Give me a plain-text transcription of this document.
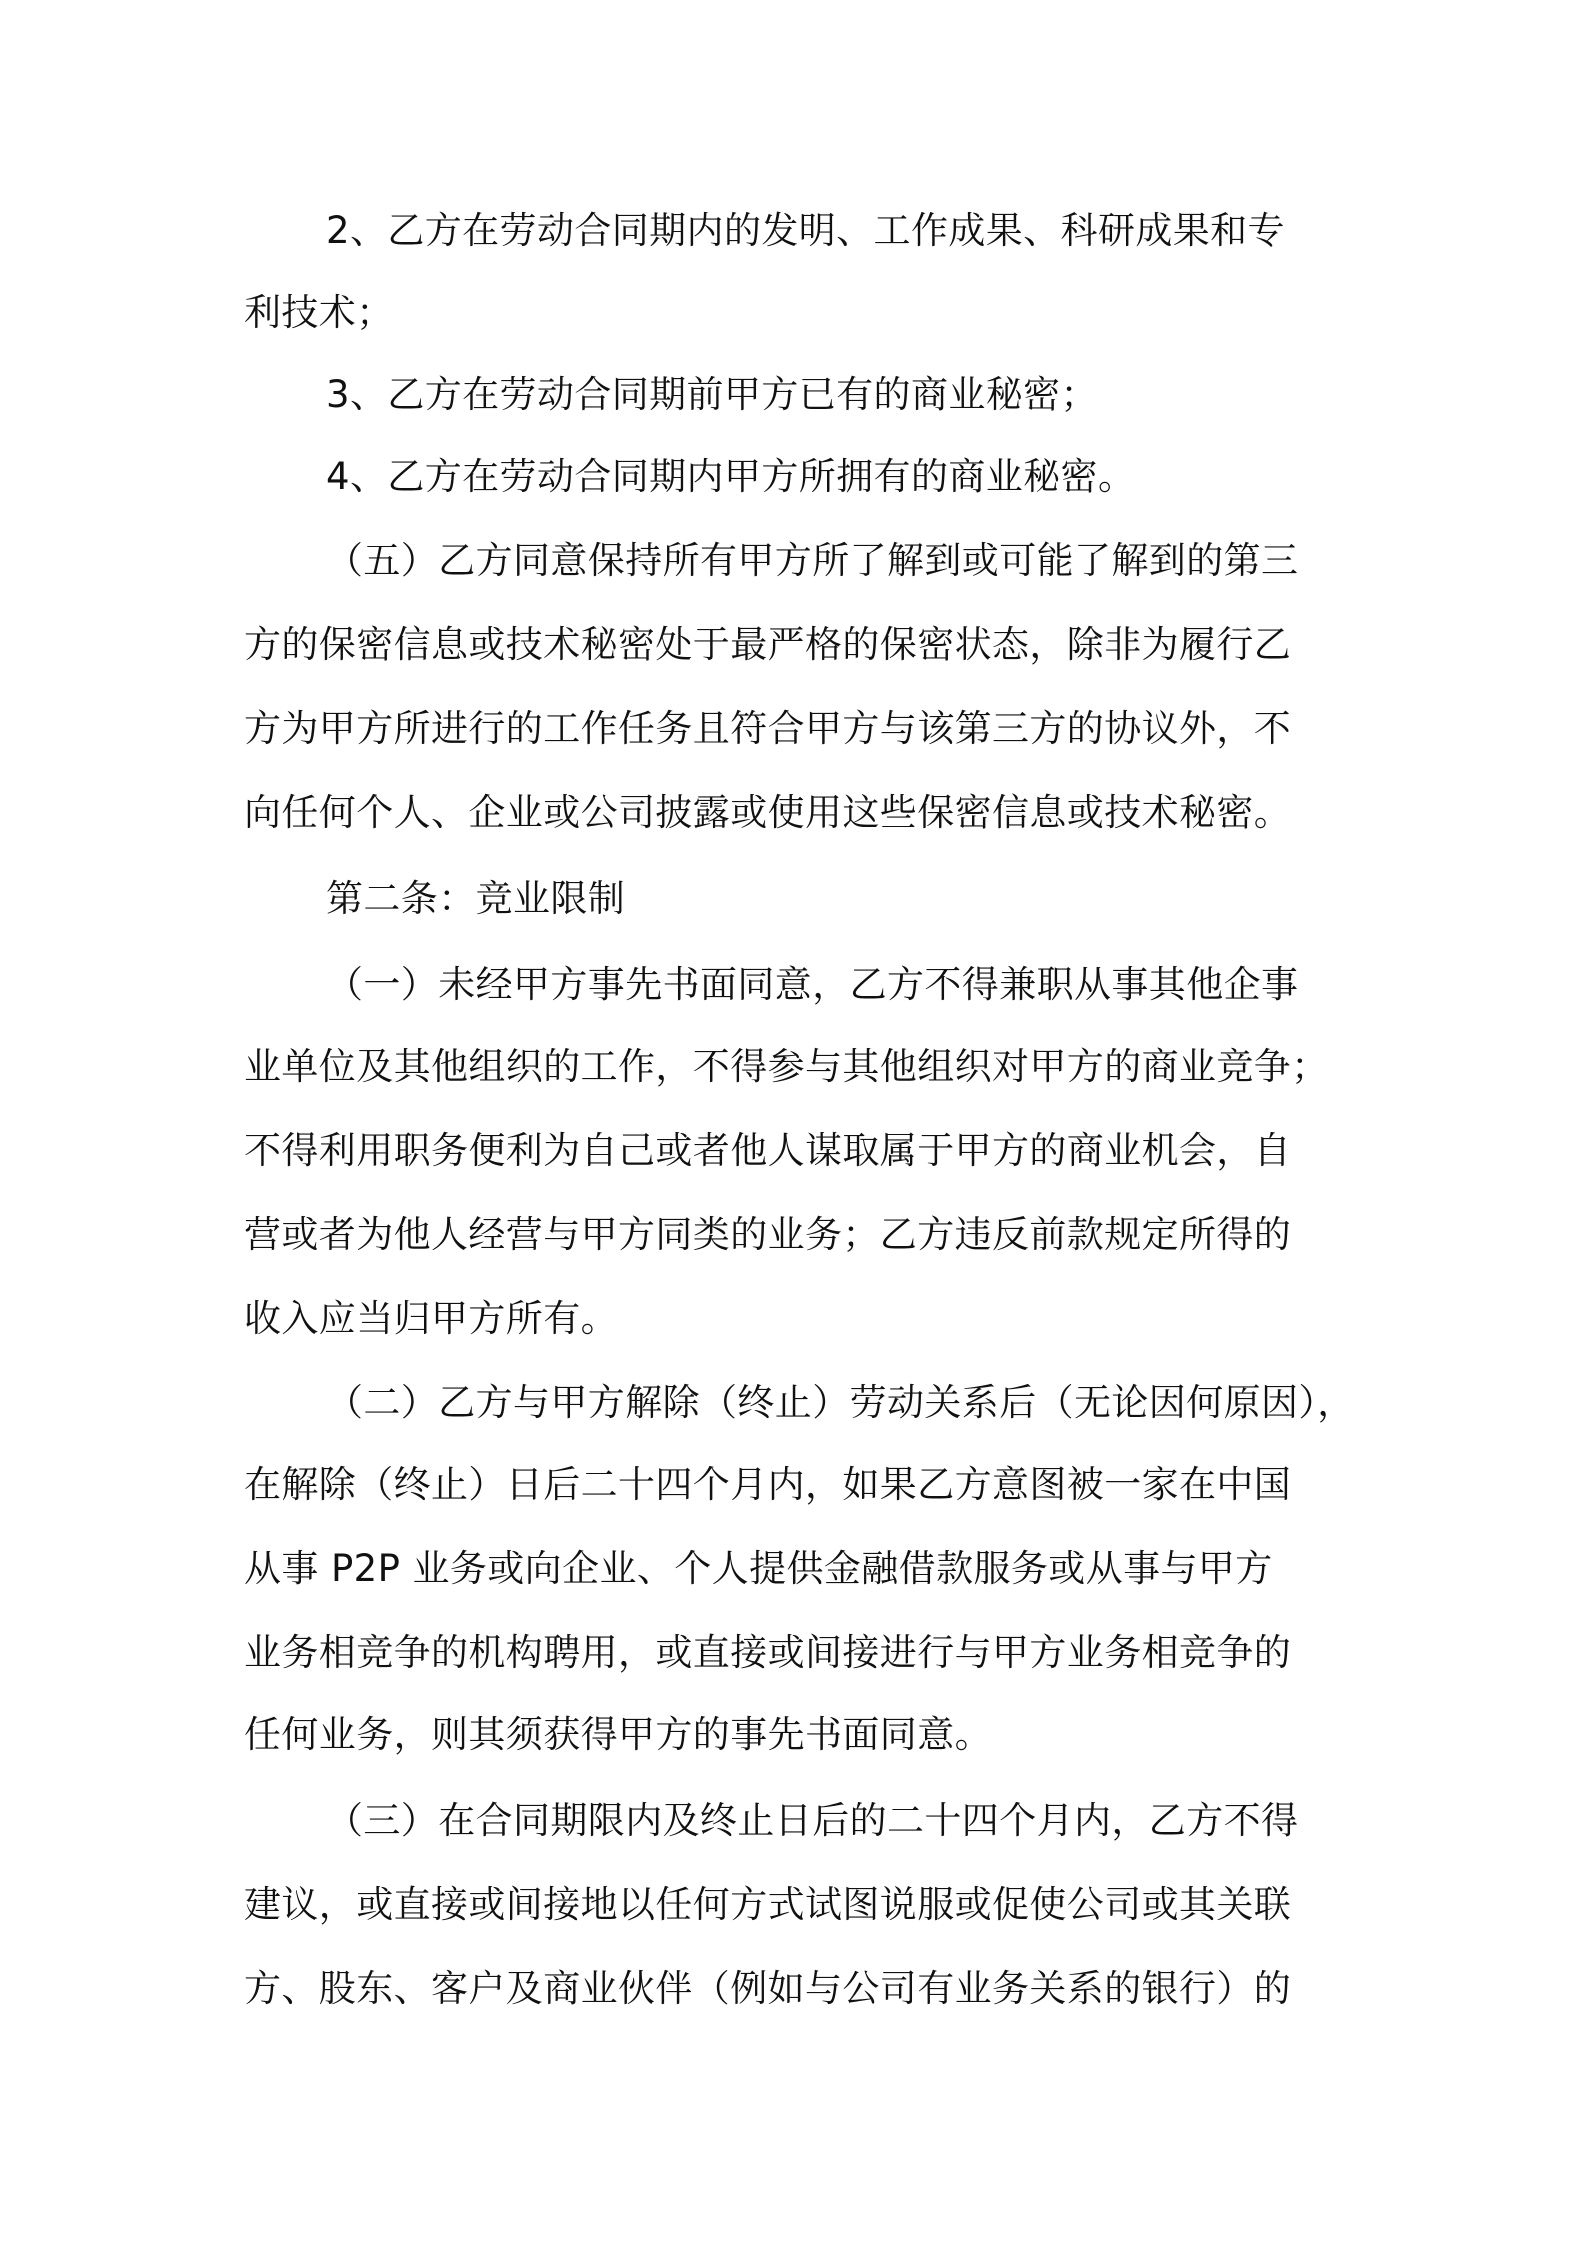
2、乙方在劳动合同期内的发明、工作成果、科研成果和专
利技术；
3、乙方在劳动合同期前甲方已有的商业秘密；
4、乙方在劳动合同期内甲方所拥有的商业秘密。
（五）乙方同意保持所有甲方所了解到或可能了解到的第三
方的保密信息或技术秘密处于最严格的保密状态，除非为履行乙
方为甲方所进行的工作任务且符合甲方与该第三方的协议外，不
向任何个人、企业或公司披露或使用这些保密信息或技术秘密。
第二条：竞业限制
（一）未经甲方事先书面同意，乙方不得兼职从事其他企事
业单位及其他组织的工作，不得参与其他组织对甲方的商业竞争；
不得利用职务便利为自己或者他人谋取属于甲方的商业机会，自
营或者为他人经营与甲方同类的业务；乙方违反前款规定所得的
收入应当归甲方所有。
（二）乙方与甲方解除（终止）劳动关系后（无论因何原因），
在解除（终止）日后二十四个月内，如果乙方意图被一家在中国
从事 P2P 业务或向企业、个人提供金融借款服务或从事与甲方
业务相竞争的机构聘用，或直接或间接进行与甲方业务相竞争的
任何业务，则其须获得甲方的事先书面同意。
（三）在合同期限内及终止日后的二十四个月内，乙方不得
建议，或直接或间接地以任何方式试图说服或促使公司或其关联
方、股东、客户及商业伙伴（例如与公司有业务关系的银行）的
